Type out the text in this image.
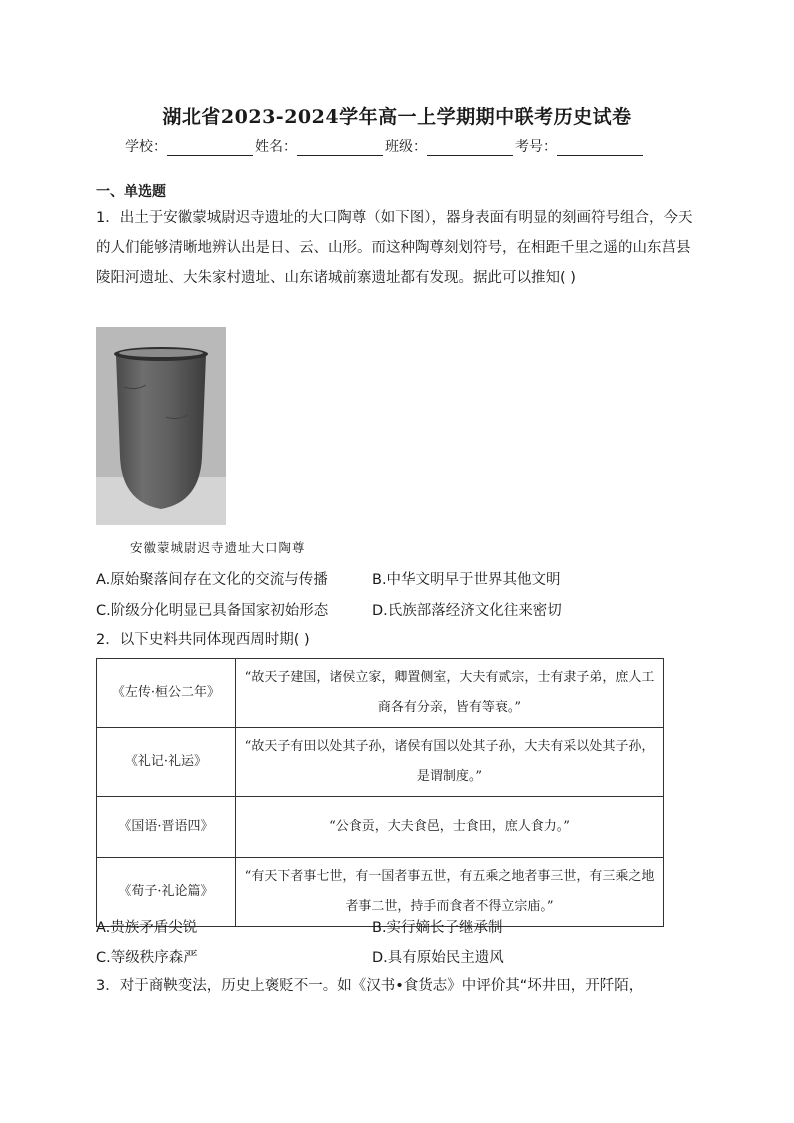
湖北省2023-2024学年高一上学期期中联考历史试卷
学校：	姓名：	班级：	考号：
一、单选题
1．出土于安徽蒙城尉迟寺遗址的大口陶尊（如下图），器身表面有明显的刻画符号组合，今天的人们能够清晰地辨认出是日、云、山形。而这种陶尊刻划符号，在相距千里之遥的山东莒县陵阳河遗址、大朱家村遗址、山东诸城前寨遗址都有发现。据此可以推知( )
安徽蒙城尉迟寺遗址大口陶尊
A.原始聚落间存在文化的交流与传播	B.中华文明早于世界其他文明
C.阶级分化明显已具备国家初始形态	D.氏族部落经济文化往来密切
2．以下史料共同体现西周时期( )
《左传·桓公二年》	“故天子建国，诸侯立家，卿置侧室，大夫有贰宗，士有隶子弟，庶人工商各有分亲，皆有等衰。”
《礼记·礼运》	“故天子有田以处其子孙，诸侯有国以处其子孙，大夫有采以处其子孙，是谓制度。”
《国语·晋语四》	“公食贡，大夫食邑，士食田，庶人食力。”
《荀子·礼论篇》	“有天下者事七世，有一国者事五世，有五乘之地者事三世，有三乘之地者事二世，持手而食者不得立宗庙。”
A.贵族矛盾尖锐	B.实行嫡长子继承制
C.等级秩序森严	D.具有原始民主遗风
3．对于商鞅变法，历史上褒贬不一。如《汉书•食货志》中评价其“坏井田，开阡陌，
